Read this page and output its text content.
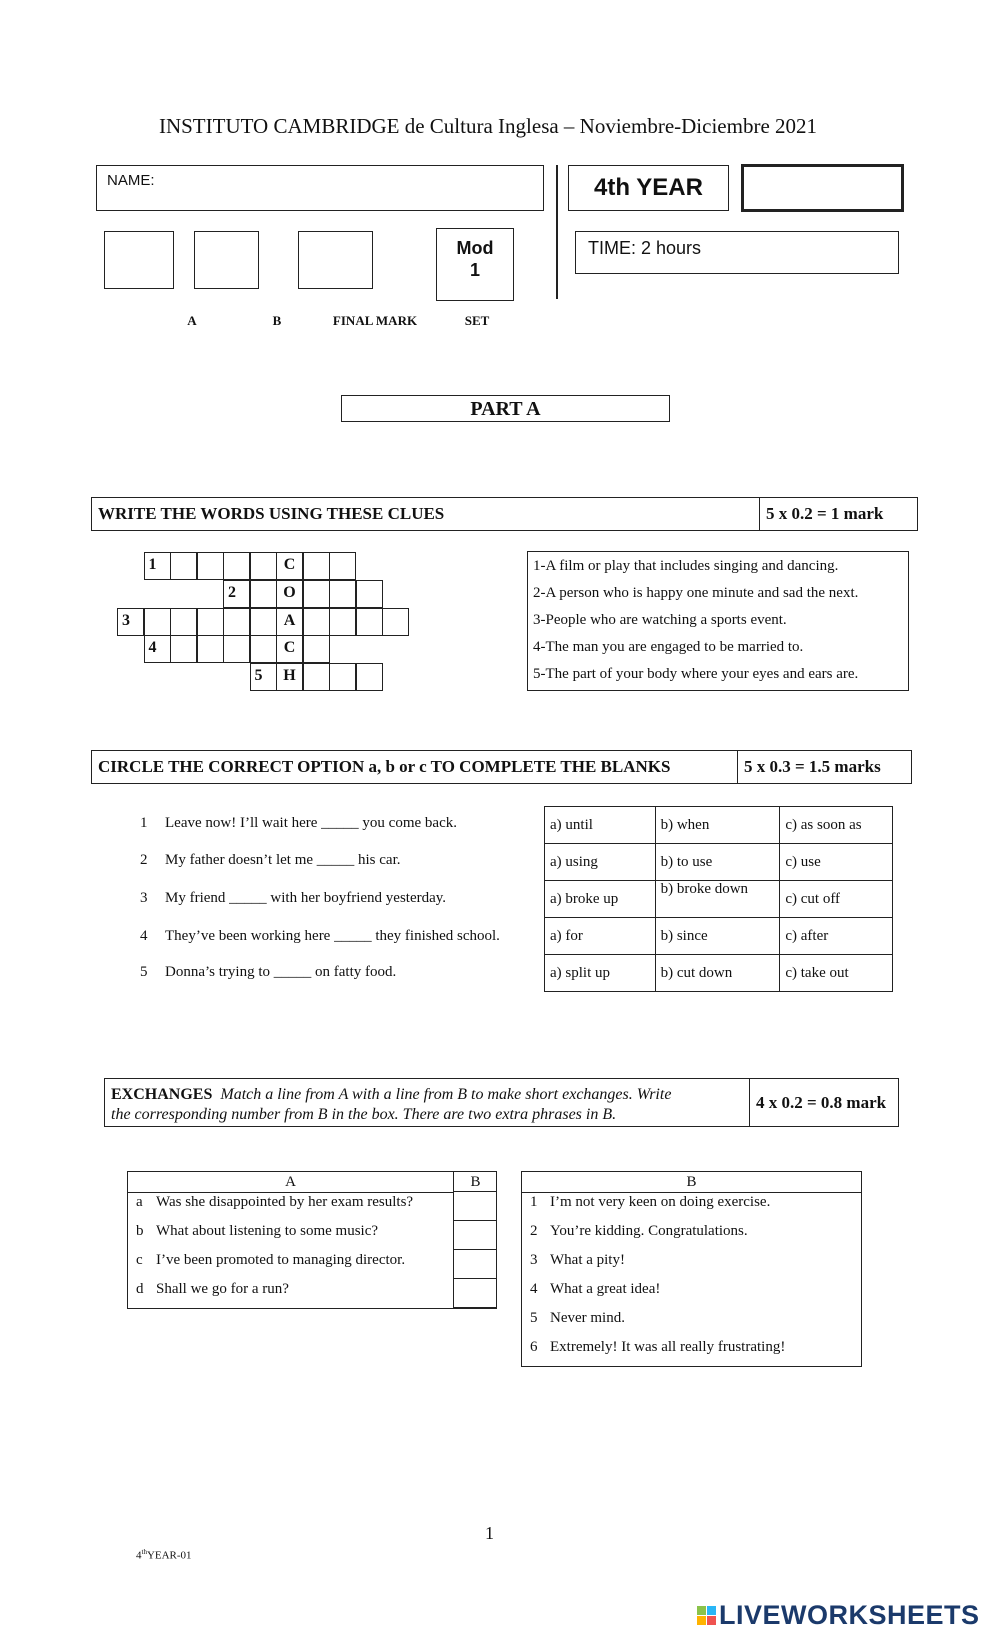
INSTITUTO CAMBRIDGE de Cultura Inglesa – Noviembre-Diciembre 2021
NAME:	4th YEAR
TIME: 2 hours
Mod
1
A	B	FINAL MARK	SET
PART A
WRITE THE WORDS USING THESE CLUES	5 x 0.2 = 1 mark
1	C
2	O
3	A
4	C
5	H
1-A film or play that includes singing and dancing.
2-A person who is happy one minute and sad the next.
3-People who are watching a sports event.
4-The man you are engaged to be married to.
5-The part of your body where your eyes and ears are.
CIRCLE THE CORRECT OPTION a, b or c TO COMPLETE THE BLANKS	5 x 0.3 = 1.5 marks
1 Leave now! I’ll wait here _____ you come back.
2 My father doesn’t let me _____ his car.
3 My friend _____ with her boyfriend yesterday.
4 They’ve been working here _____ they finished school.
5 Donna’s trying to _____ on fatty food.
a) until	b) when	c) as soon as
a) using	b) to use	c) use
a) broke up	b) broke down	c) cut off
a) for	b) since	c) after
a) split up	b) cut down	c) take out
EXCHANGES Match a line from A with a line from B to make short exchanges. Write
the corresponding number from B in the box. There are two extra phrases in B.
4 x 0.2 = 0.8 mark
A	B
a Was she disappointed by her exam results?
b What about listening to some music?
c I’ve been promoted to managing director.
d Shall we go for a run?
B
1 I’m not very keen on doing exercise.
2 You’re kidding. Congratulations.
3 What a pity!
4 What a great idea!
5 Never mind.
6 Extremely! It was all really frustrating!
1
4thYEAR-01
LIVEWORKSHEETS
